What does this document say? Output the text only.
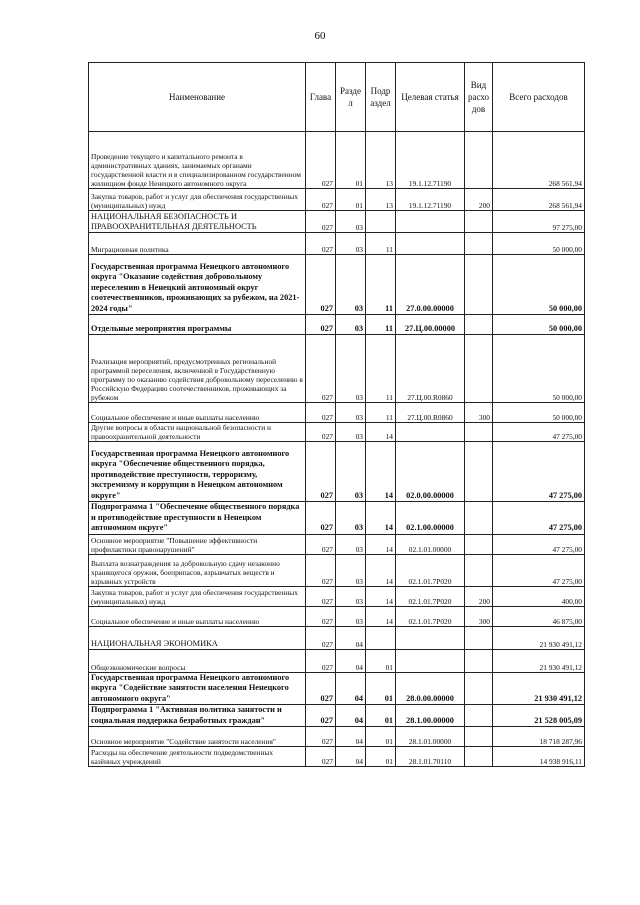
60
Наименование	Глава	Разде л	Подр аздел	Целевая статья	Вид расхо дов	Всего расходов
Проведение текущего и капитального ремонта в административных зданиях, занимаемых органами государственной власти и в специализированном государственном жилищном фонде Ненецкого автономного округа	027	01	13	19.1.12.71190		268 561,94
Закупка товаров, работ и услуг для обеспечения государственных (муниципальных) нужд	027	01	13	19.1.12.71190	200	268 561,94
НАЦИОНАЛЬНАЯ БЕЗОПАСНОСТЬ И ПРАВООХРАНИТЕЛЬНАЯ ДЕЯТЕЛЬНОСТЬ	027	03				97 275,00
Миграционная политика	027	03	11			50 000,00
Государственная программа Ненецкого автономного округа "Оказание содействия добровольному переселению в Ненецкий автономный округ соотечественников, проживающих за рубежом, на 2021-2024 годы"	027	03	11	27.0.00.00000		50 000,00
Отдельные мероприятия программы	027	03	11	27.Ц.00.00000		50 000,00
Реализация мероприятий, предусмотренных региональной программой переселения, включенной в Государственную программу по оказанию содействия добровольному переселению в Российскую Федерацию соотечественников, проживающих за рубежом	027	03	11	27.Ц.00.R0860		50 000,00
Социальное обеспечение и иные выплаты населению	027	03	11	27.Ц.00.R0860	300	50 000,00
Другие вопросы в области национальной безопасности и правоохранительной деятельности	027	03	14			47 275,00
Государственная программа Ненецкого автономного округа "Обеспечение общественного порядка, противодействие преступности, терроризму, экстремизму и коррупции в Ненецком автономном округе"	027	03	14	02.0.00.00000		47 275,00
Подпрограмма 1 "Обеспечение общественного порядка и противодействие преступности в Ненецком автономном округе"	027	03	14	02.1.00.00000		47 275,00
Основное мероприятие "Повышение эффективности профилактики правонарушений"	027	03	14	02.1.01.00000		47 275,00
Выплата вознаграждения за добровольную сдачу незаконно хранящегося оружия, боеприпасов, взрывчатых веществ и взрывных устройств	027	03	14	02.1.01.7Р020		47 275,00
Закупка товаров, работ и услуг для обеспечения государственных (муниципальных) нужд	027	03	14	02.1.01.7Р020	200	400,00
Социальное обеспечение и иные выплаты населению	027	03	14	02.1.01.7Р020	300	46 875,00
НАЦИОНАЛЬНАЯ ЭКОНОМИКА	027	04				21 930 491,12
Общеэкономические вопросы	027	04	01			21 930 491,12
Государственная программа Ненецкого автономного округа "Содействие занятости населения Ненецкого автономного округа"	027	04	01	28.0.00.00000		21 930 491,12
Подпрограмма 1 "Активная политика занятости и социальная поддержка безработных граждан"	027	04	01	28.1.00.00000		21 528 005,09
Основное мероприятие "Содействие занятости населения"	027	04	01	28.1.01.00000		18 718 287,96
Расходы на обеспечение деятельности подведомственных казённых учреждений	027	04	01	28.1.01.70110		14 938 916,11
